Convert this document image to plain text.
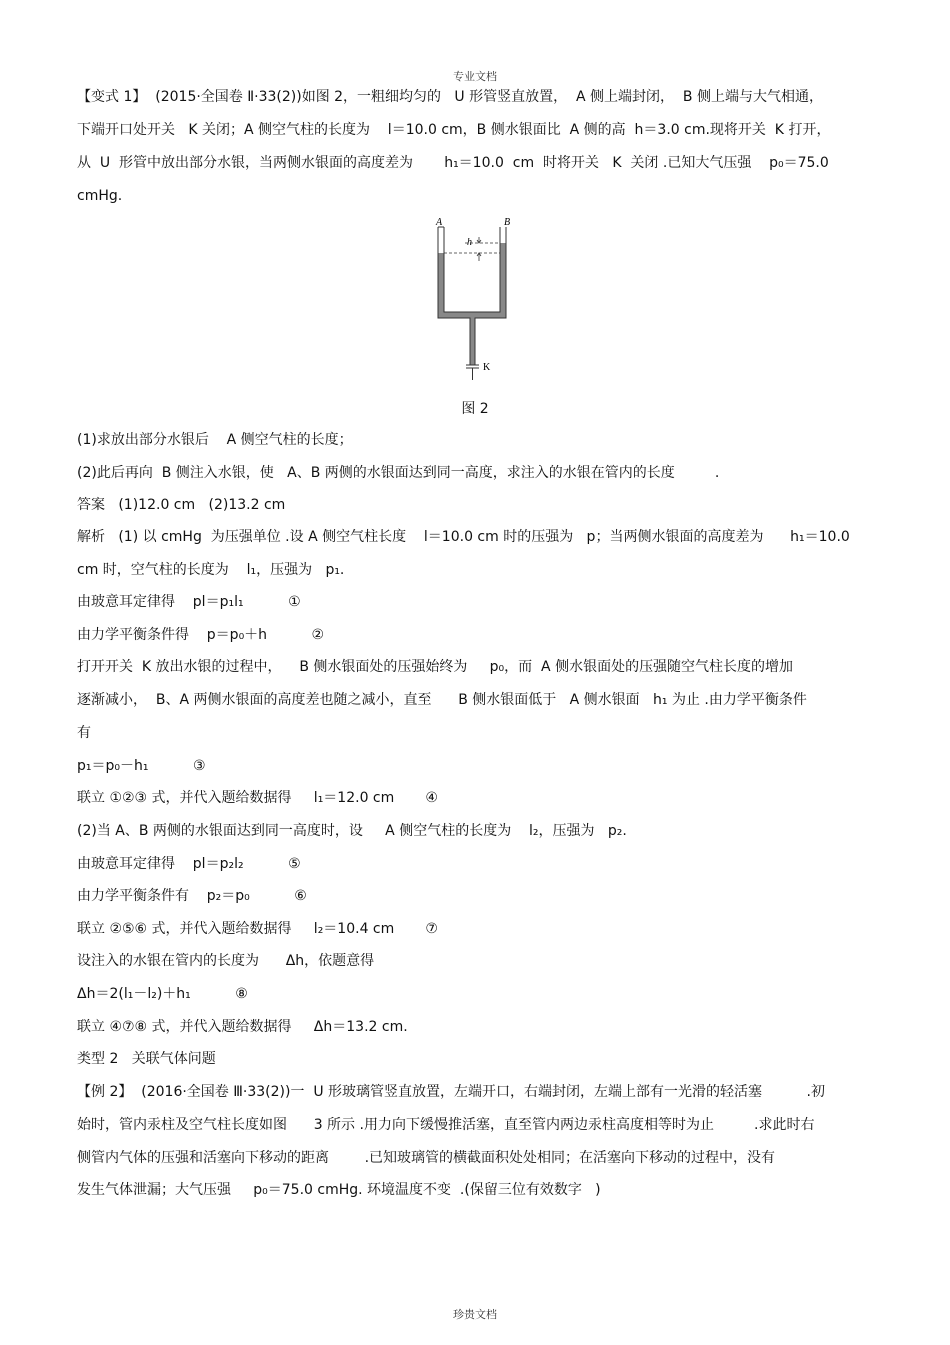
专业文档
【变式 1】  (2015·全国卷 Ⅱ·33(2))如图 2，一粗细均匀的   U 形管竖直放置，  A 侧上端封闭，  B 侧上端与大气相通，
下端开口处开关   K 关闭；A 侧空气柱的长度为    l＝10.0 cm，B 侧水银面比  A 侧的高  h＝3.0 cm.现将开关  K 打开，
从  U  形管中放出部分水银，当两侧水银面的高度差为       h₁＝10.0  cm  时将开关   K  关闭 .已知大气压强    p₀＝75.0
cmHg.
A	B
h
K
图 2
(1)求放出部分水银后    A 侧空气柱的长度；
(2)此后再向  B 侧注入水银，使   A、B 两侧的水银面达到同一高度，求注入的水银在管内的长度         .
答案   (1)12.0 cm   (2)13.2 cm
解析   (1) 以 cmHg  为压强单位 .设 A 侧空气柱长度    l＝10.0 cm 时的压强为   p；当两侧水银面的高度差为      h₁＝10.0
cm 时，空气柱的长度为    l₁，压强为   p₁.
由玻意耳定律得    pl＝p₁l₁          ①
由力学平衡条件得    p＝p₀＋h          ②
打开开关  K 放出水银的过程中，    B 侧水银面处的压强始终为     p₀，而  A 侧水银面处的压强随空气柱长度的增加
逐渐减小，  B、A 两侧水银面的高度差也随之减小，直至      B 侧水银面低于   A 侧水银面   h₁ 为止 .由力学平衡条件
有
p₁＝p₀－h₁          ③
联立 ①②③ 式，并代入题给数据得     l₁＝12.0 cm       ④
(2)当 A、B 两侧的水银面达到同一高度时，设     A 侧空气柱的长度为    l₂，压强为   p₂.
由玻意耳定律得    pl＝p₂l₂          ⑤
由力学平衡条件有    p₂＝p₀          ⑥
联立 ②⑤⑥ 式，并代入题给数据得     l₂＝10.4 cm       ⑦
设注入的水银在管内的长度为      Δh，依题意得
Δh＝2(l₁－l₂)＋h₁          ⑧
联立 ④⑦⑧ 式，并代入题给数据得     Δh＝13.2 cm.
类型 2   关联气体问题
【例 2】  (2016·全国卷 Ⅲ·33(2))一  U 形玻璃管竖直放置，左端开口，右端封闭，左端上部有一光滑的轻活塞          .初
始时，管内汞柱及空气柱长度如图      3 所示 .用力向下缓慢推活塞，直至管内两边汞柱高度相等时为止         .求此时右
侧管内气体的压强和活塞向下移动的距离        .已知玻璃管的横截面积处处相同；在活塞向下移动的过程中，没有
发生气体泄漏；大气压强     p₀＝75.0 cmHg. 环境温度不变  .(保留三位有效数字   )
珍贵文档
